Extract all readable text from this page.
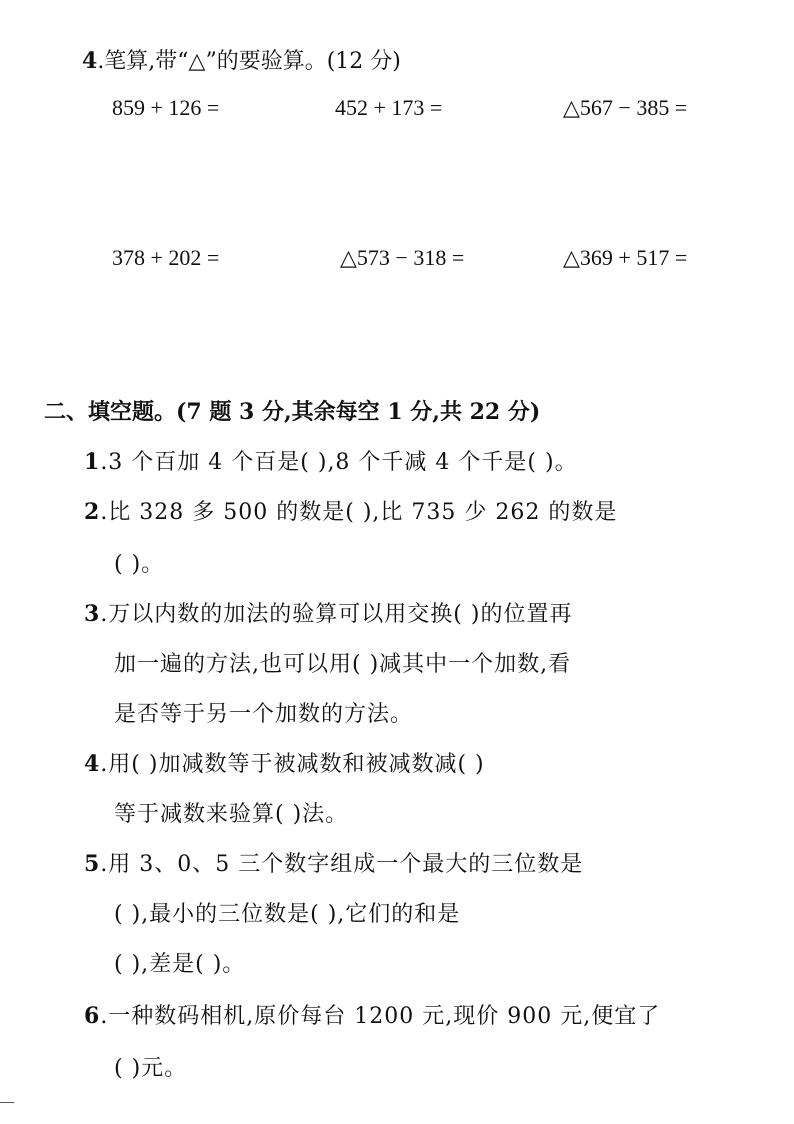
4.笔算,带“△”的要验算。(12 分)
859 + 126 =	452 + 173 =	△567 − 385 =
378 + 202 =	△573 − 318 =	△369 + 517 =
二、填空题。(7 题 3 分,其余每空 1 分,共 22 分)
1.3 个百加 4 个百是( ),8 个千减 4 个千是( )。
2.比 328 多 500 的数是( ),比 735 少 262 的数是
( )。
3.万以内数的加法的验算可以用交换( )的位置再
加一遍的方法,也可以用( )减其中一个加数,看
是否等于另一个加数的方法。
4.用( )加减数等于被减数和被减数减( )
等于减数来验算( )法。
5.用 3、0、5 三个数字组成一个最大的三位数是
( ),最小的三位数是( ),它们的和是
( ),差是( )。
6.一种数码相机,原价每台 1200 元,现价 900 元,便宜了
( )元。
